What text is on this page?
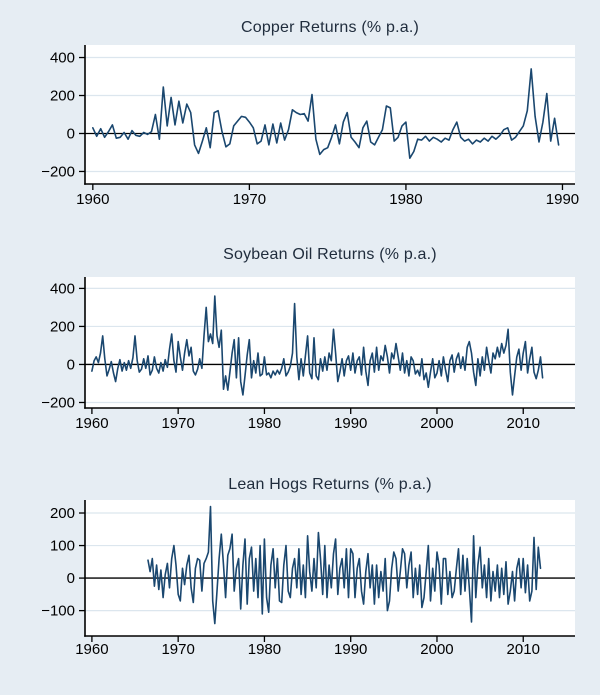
400
200
0
−200
1960	1970	1980	1990
400
200
0
−200
1960	1970	1980	1990	2000	2010
200
100
0
−100
1960	1970	1980	1990	2000	2010
Copper Returns (% p.a.)
Soybean Oil Returns (% p.a.)
Lean Hogs Returns (% p.a.)
